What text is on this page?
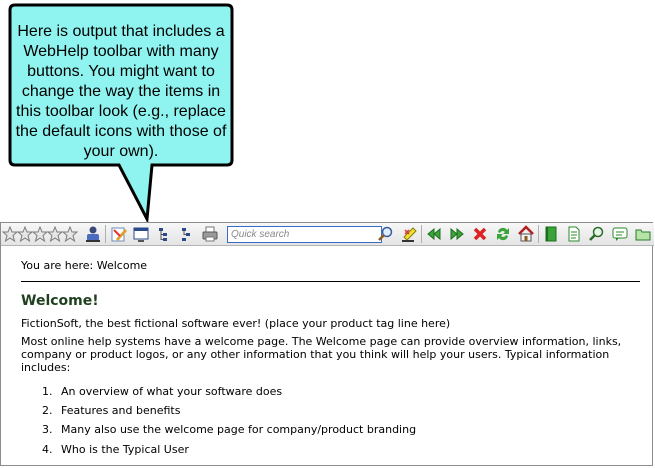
Here is output that includes a WebHelp toolbar with many buttons. You might want to change the way the items in this toolbar look (e.g., replace the default icons with those of your own).
Quick search
You are here: Welcome
Welcome!
FictionSoft, the best fictional software ever! (place your product tag line here)
Most online help systems have a welcome page. The Welcome page can provide overview information, links, company or product logos, or any other information that you think will help your users. Typical information includes:
1. An overview of what your software does
2. Features and benefits
3. Many also use the welcome page for company/product branding
4. Who is the Typical User
